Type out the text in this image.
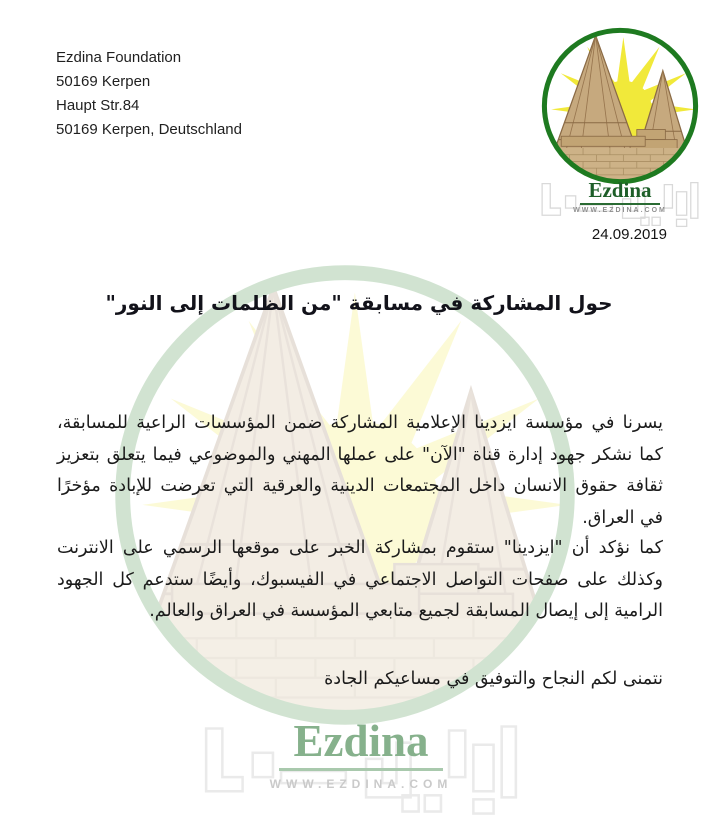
Ezdina Foundation
50169 Kerpen
Haupt Str.84
50169 Kerpen, Deutschland
Ezdina
WWW.EZDINA.COM
24.09.2019
حول المشاركة في مسابقة "من الظلمات إلى النور"

يسرنا في مؤسسة ايزدينا الإعلامية المشاركة ضمن المؤسسات الراعية للمسابقة، كما نشكر جهود إدارة قناة "الآن" على عملها المهني والموضوعي فيما يتعلق بتعزيز ثقافة حقوق الانسان داخل المجتمعات الدينية والعرقية التي تعرضت للإبادة مؤخرًا في العراق.

كما نؤكد أن "ايزدينا" ستقوم بمشاركة الخبر على موقعها الرسمي على الانترنت وكذلك على صفحات التواصل الاجتماعي في الفيسبوك، وأيضًا ستدعم كل الجهود الرامية إلى إيصال المسابقة لجميع متابعي المؤسسة في العراق والعالم.

نتمنى لكم النجاح والتوفيق في مساعيكم الجادة

Ezdina
WWW.EZDINA.COM
